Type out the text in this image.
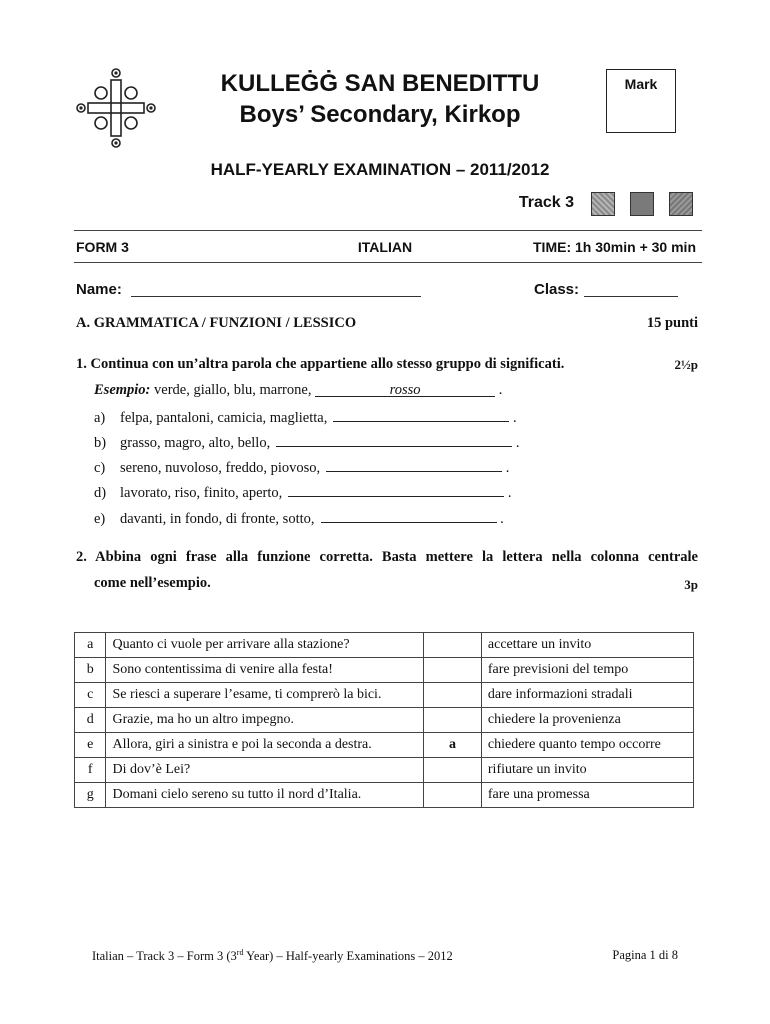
KULLEĠĠ SAN BENEDITTU
Boys’ Secondary, Kirkop
Mark
HALF-YEARLY EXAMINATION – 2011/2012
Track 3
FORM 3	ITALIAN	TIME: 1h 30min + 30 min
Name:	Class:
A. GRAMMATICA / FUNZIONI / LESSICO	15 punti
1. Continua con un’altra parola che appartiene allo stesso gruppo di significati.	2½p
Esempio: verde, giallo, blu, marrone,	rosso	.
a) felpa, pantaloni, camicia, maglietta,	.
b) grasso, magro, alto, bello,	.
c) sereno, nuvoloso, freddo, piovoso,	.
d) lavorato, riso, finito, aperto,	.
e) davanti, in fondo, di fronte, sotto,	.
2. Abbina ogni frase alla funzione corretta. Basta mettere la lettera nella colonna centrale
come nell’esempio.	3p
a	Quanto ci vuole per arrivare alla stazione?		accettare un invito
b	Sono contentissima di venire alla festa!		fare previsioni del tempo
c	Se riesci a superare l’esame, ti comprerò la bici.		dare informazioni stradali
d	Grazie, ma ho un altro impegno.		chiedere la provenienza
e	Allora, giri a sinistra e poi la seconda a destra.	a	chiedere quanto tempo occorre
f	Di dov’è Lei?		rifiutare un invito
g	Domani cielo sereno su tutto il nord d’Italia.		fare una promessa
Italian – Track 3 – Form 3 (3rd Year) – Half-yearly Examinations – 2012	Pagina 1 di 8
